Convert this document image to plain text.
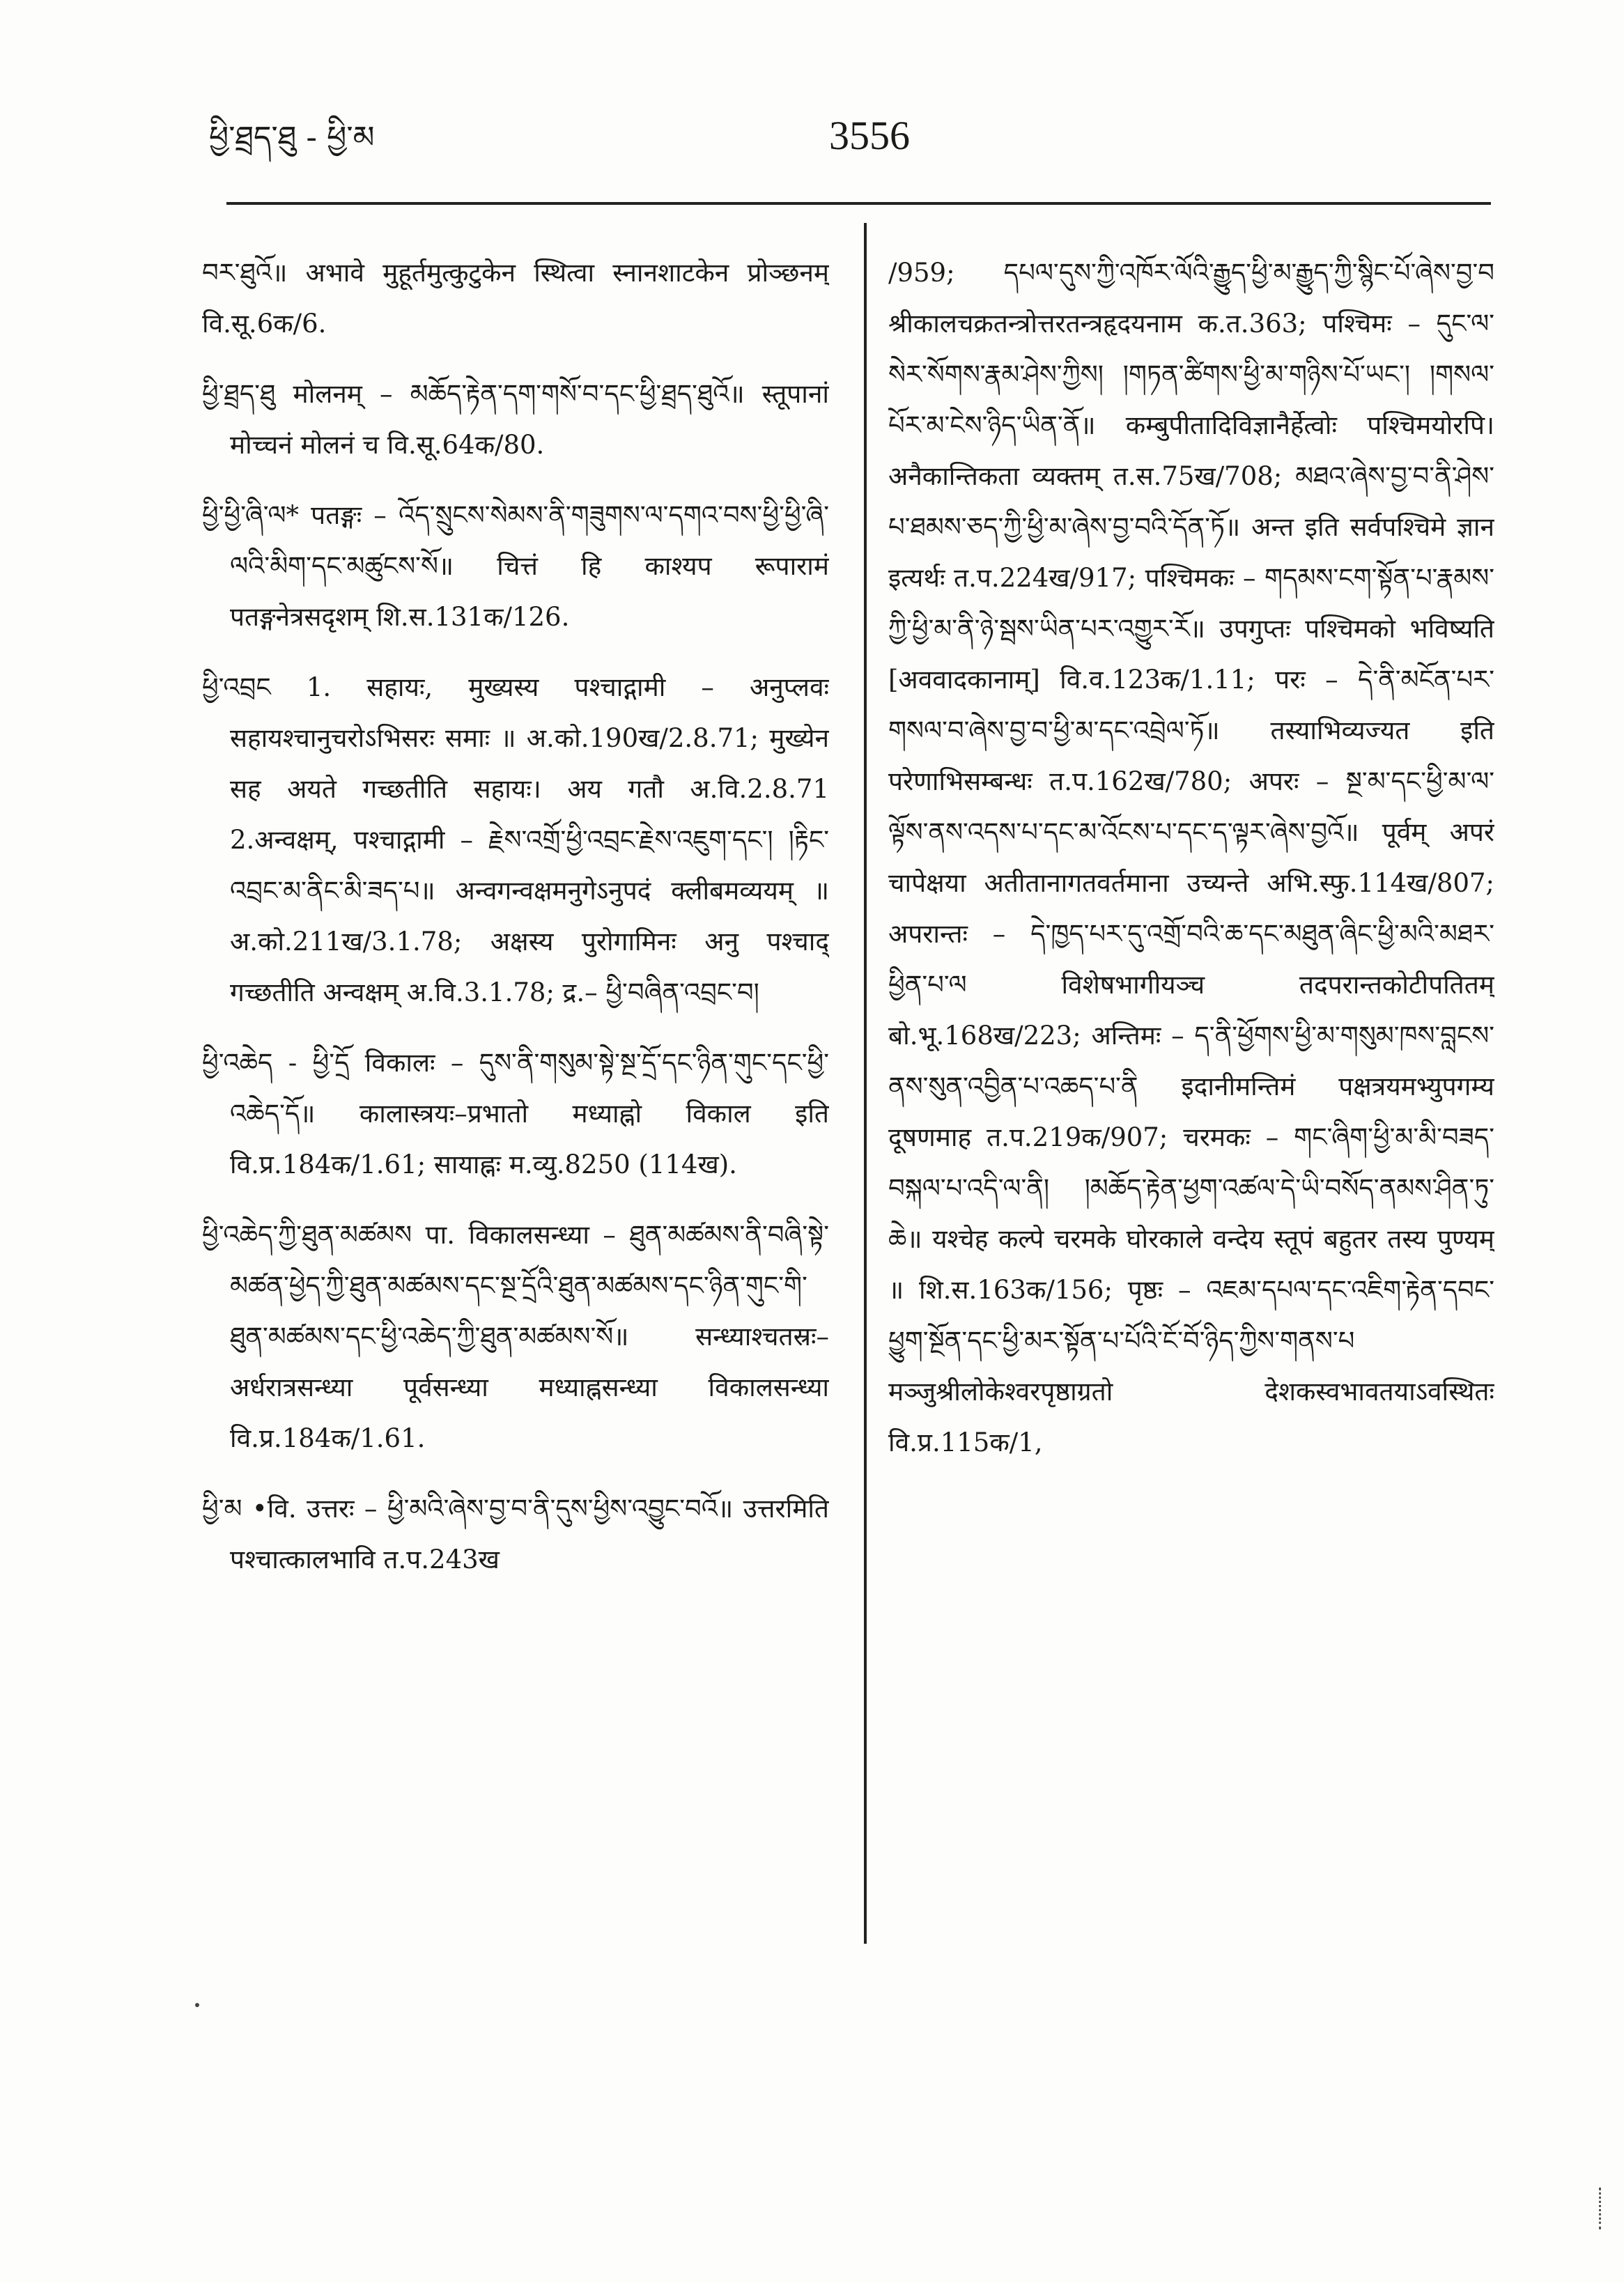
ཕྱི་ཐྲད་ཐུ - ཕྱི་མ	3556

བར་ཐུའོ॥ अभावे मुहूर्तमुत्कुटुकेन स्थित्वा स्नानशाटकेन प्रोञ्छनम् वि.सू.6क/6.

ཕྱི་ཐྲད་ཐུ मोलनम् – མཆོད་རྟེན་དག་གསོ་བ་དང་ཕྱི་ཐྲད་ཐུའོ॥ स्तूपानां मोच्चनं मोलनं च वि.सू.64क/80.

ཕྱི་ཕྱི་ཞི་ལ* पतङ्गः – འོད་སྲུངས་སེམས་ནི་གཟུགས་ལ་དགའ་བས་ཕྱི་ཕྱི་ཞི་ལའི་མིག་དང་མཚུངས་སོ॥ चित्तं हि काश्यप रूपारामं पतङ्गनेत्रसदृशम् शि.स.131क/126.

ཕྱི་འབྲང 1. सहायः, मुख्यस्य पश्चाद्गामी – अनुप्लवः सहायश्चानुचरोऽभिसरः समाः ॥ अ.को.190ख/2.8.71; मुख्येन सह अयते गच्छतीति सहायः। अय गतौ अ.वि.2.8.71 2.अन्वक्षम्, पश्चाद्गामी – རྗེས་འགྲོ་ཕྱི་འབྲང་རྗེས་འཇུག་དང་། །རྟིང་འབྲང་མ་ནིང་མི་ཟད་པ॥ अन्वगन्वक्षमनुगेऽनुपदं क्लीबमव्ययम् ॥ अ.को.211ख/3.1.78; अक्षस्य पुरोगामिनः अनु पश्चाद् गच्छतीति अन्वक्षम् अ.वि.3.1.78; द्र.– ཕྱི་བཞིན་འབྲང་བ།

ཕྱི་འཆེད - ཕྱི་དྲོ विकालः – དུས་ནི་གསུམ་སྟེ་སྔ་དྲོ་དང་ཉིན་གུང་དང་ཕྱི་འཆེད་དོ॥ कालास्त्रयः–प्रभातो मध्याह्नो विकाल इति वि.प्र.184क/1.61; सायाह्नः म.व्यु.8250 (114ख).

ཕྱི་འཆེད་ཀྱི་ཐུན་མཚམས पा. विकालसन्ध्या – ཐུན་མཚམས་ནི་བཞི་སྟེ་མཚན་ཕྱེད་ཀྱི་ཐུན་མཚམས་དང་སྔ་དྲོའི་ཐུན་མཚམས་དང་ཉིན་གུང་གི་ཐུན་མཚམས་དང་ཕྱི་འཆེད་ཀྱི་ཐུན་མཚམས་སོ॥ सन्ध्याश्चतस्रः–अर्धरात्रसन्ध्या पूर्वसन्ध्या मध्याह्नसन्ध्या विकालसन्ध्या वि.प्र.184क/1.61.

ཕྱི་མ •वि. उत्तरः – ཕྱི་མའི་ཞེས་བྱ་བ་ནི་དུས་ཕྱིས་འབྱུང་བའོ॥ उत्तरमिति पश्चात्कालभावि त.प.243ख

/959; དཔལ་དུས་ཀྱི་འཁོར་ལོའི་རྒྱུད་ཕྱི་མ་རྒྱུད་ཀྱི་སྙིང་པོ་ཞེས་བྱ་བ श्रीकालचक्रतन्त्रोत्तरतन्त्रहृदयनाम क.त.363; पश्चिमः – དུང་ལ་སེར་སོགས་རྣམ་ཤེས་ཀྱིས། །གཏན་ཚིགས་ཕྱི་མ་གཉིས་པོ་ཡང་། །གསལ་པོར་མ་ངེས་ཉིད་ཡིན་ནོ॥ कम्बुपीतादिविज्ञानैर्हेत्वोः पश्चिमयोरपि। अनैकान्तिकता व्यक्तम् त.स.75ख/708; མཐའ་ཞེས་བྱ་བ་ནི་ཤེས་པ་ཐམས་ཅད་ཀྱི་ཕྱི་མ་ཞེས་བྱ་བའི་དོན་ཏོ॥ अन्त इति सर्वपश्चिमे ज्ञान इत्यर्थः त.प.224ख/917; पश्चिमकः – གདམས་ངག་སྟོན་པ་རྣམས་ཀྱི་ཕྱི་མ་ནི་ཉེ་སྦས་ཡིན་པར་འགྱུར་རོ॥ उपगुप्तः पश्चिमको भविष्यति [अववादकानाम्] वि.व.123क/1.11; परः – དེ་ནི་མངོན་པར་གསལ་བ་ཞེས་བྱ་བ་ཕྱི་མ་དང་འབྲེལ་ཏོ॥ तस्याभिव्यज्यत इति परेणाभिसम्बन्धः त.प.162ख/780; अपरः – སྔ་མ་དང་ཕྱི་མ་ལ་ལྟོས་ནས་འདས་པ་དང་མ་འོངས་པ་དང་ད་ལྟར་ཞེས་བྱའོ॥ पूर्वम् अपरं चापेक्षया अतीतानागतवर्तमाना उच्यन्ते अभि.स्फु.114ख/807; अपरान्तः – དེ་ཁྱད་པར་དུ་འགྲོ་བའི་ཆ་དང་མཐུན་ཞིང་ཕྱི་མའི་མཐར་ཕྱིན་པ་ལ विशेषभागीयञ्च तदपरान्तकोटीपतितम् बो.भू.168ख/223; अन्तिमः – ད་ནི་ཕྱོགས་ཕྱི་མ་གསུམ་ཁས་བླངས་ནས་སུན་འབྱིན་པ་འཆད་པ་ནི इदानीमन्तिमं पक्षत्रयमभ्युपगम्य दूषणमाह त.प.219क/907; चरमकः – གང་ཞིག་ཕྱི་མ་མི་བཟད་བསྐལ་པ་འདི་ལ་ནི། །མཆོད་རྟེན་ཕྱག་འཚལ་དེ་ཡི་བསོད་ནམས་ཤིན་ཏུ་ཆེ॥ यश्चेह कल्पे चरमके घोरकाले वन्देय स्तूपं बहुतर तस्य पुण्यम् ॥ शि.स.163क/156; पृष्ठः – འཇམ་དཔལ་དང་འཇིག་རྟེན་དབང་ཕྱུག་སྔོན་དང་ཕྱི་མར་སྟོན་པ་པོའི་ངོ་བོ་ཉིད་ཀྱིས་གནས་པ मञ्जुश्रीलोकेश्वरपृष्ठाग्रतो देशकस्वभावतयाऽवस्थितः वि.प्र.115क/1,
